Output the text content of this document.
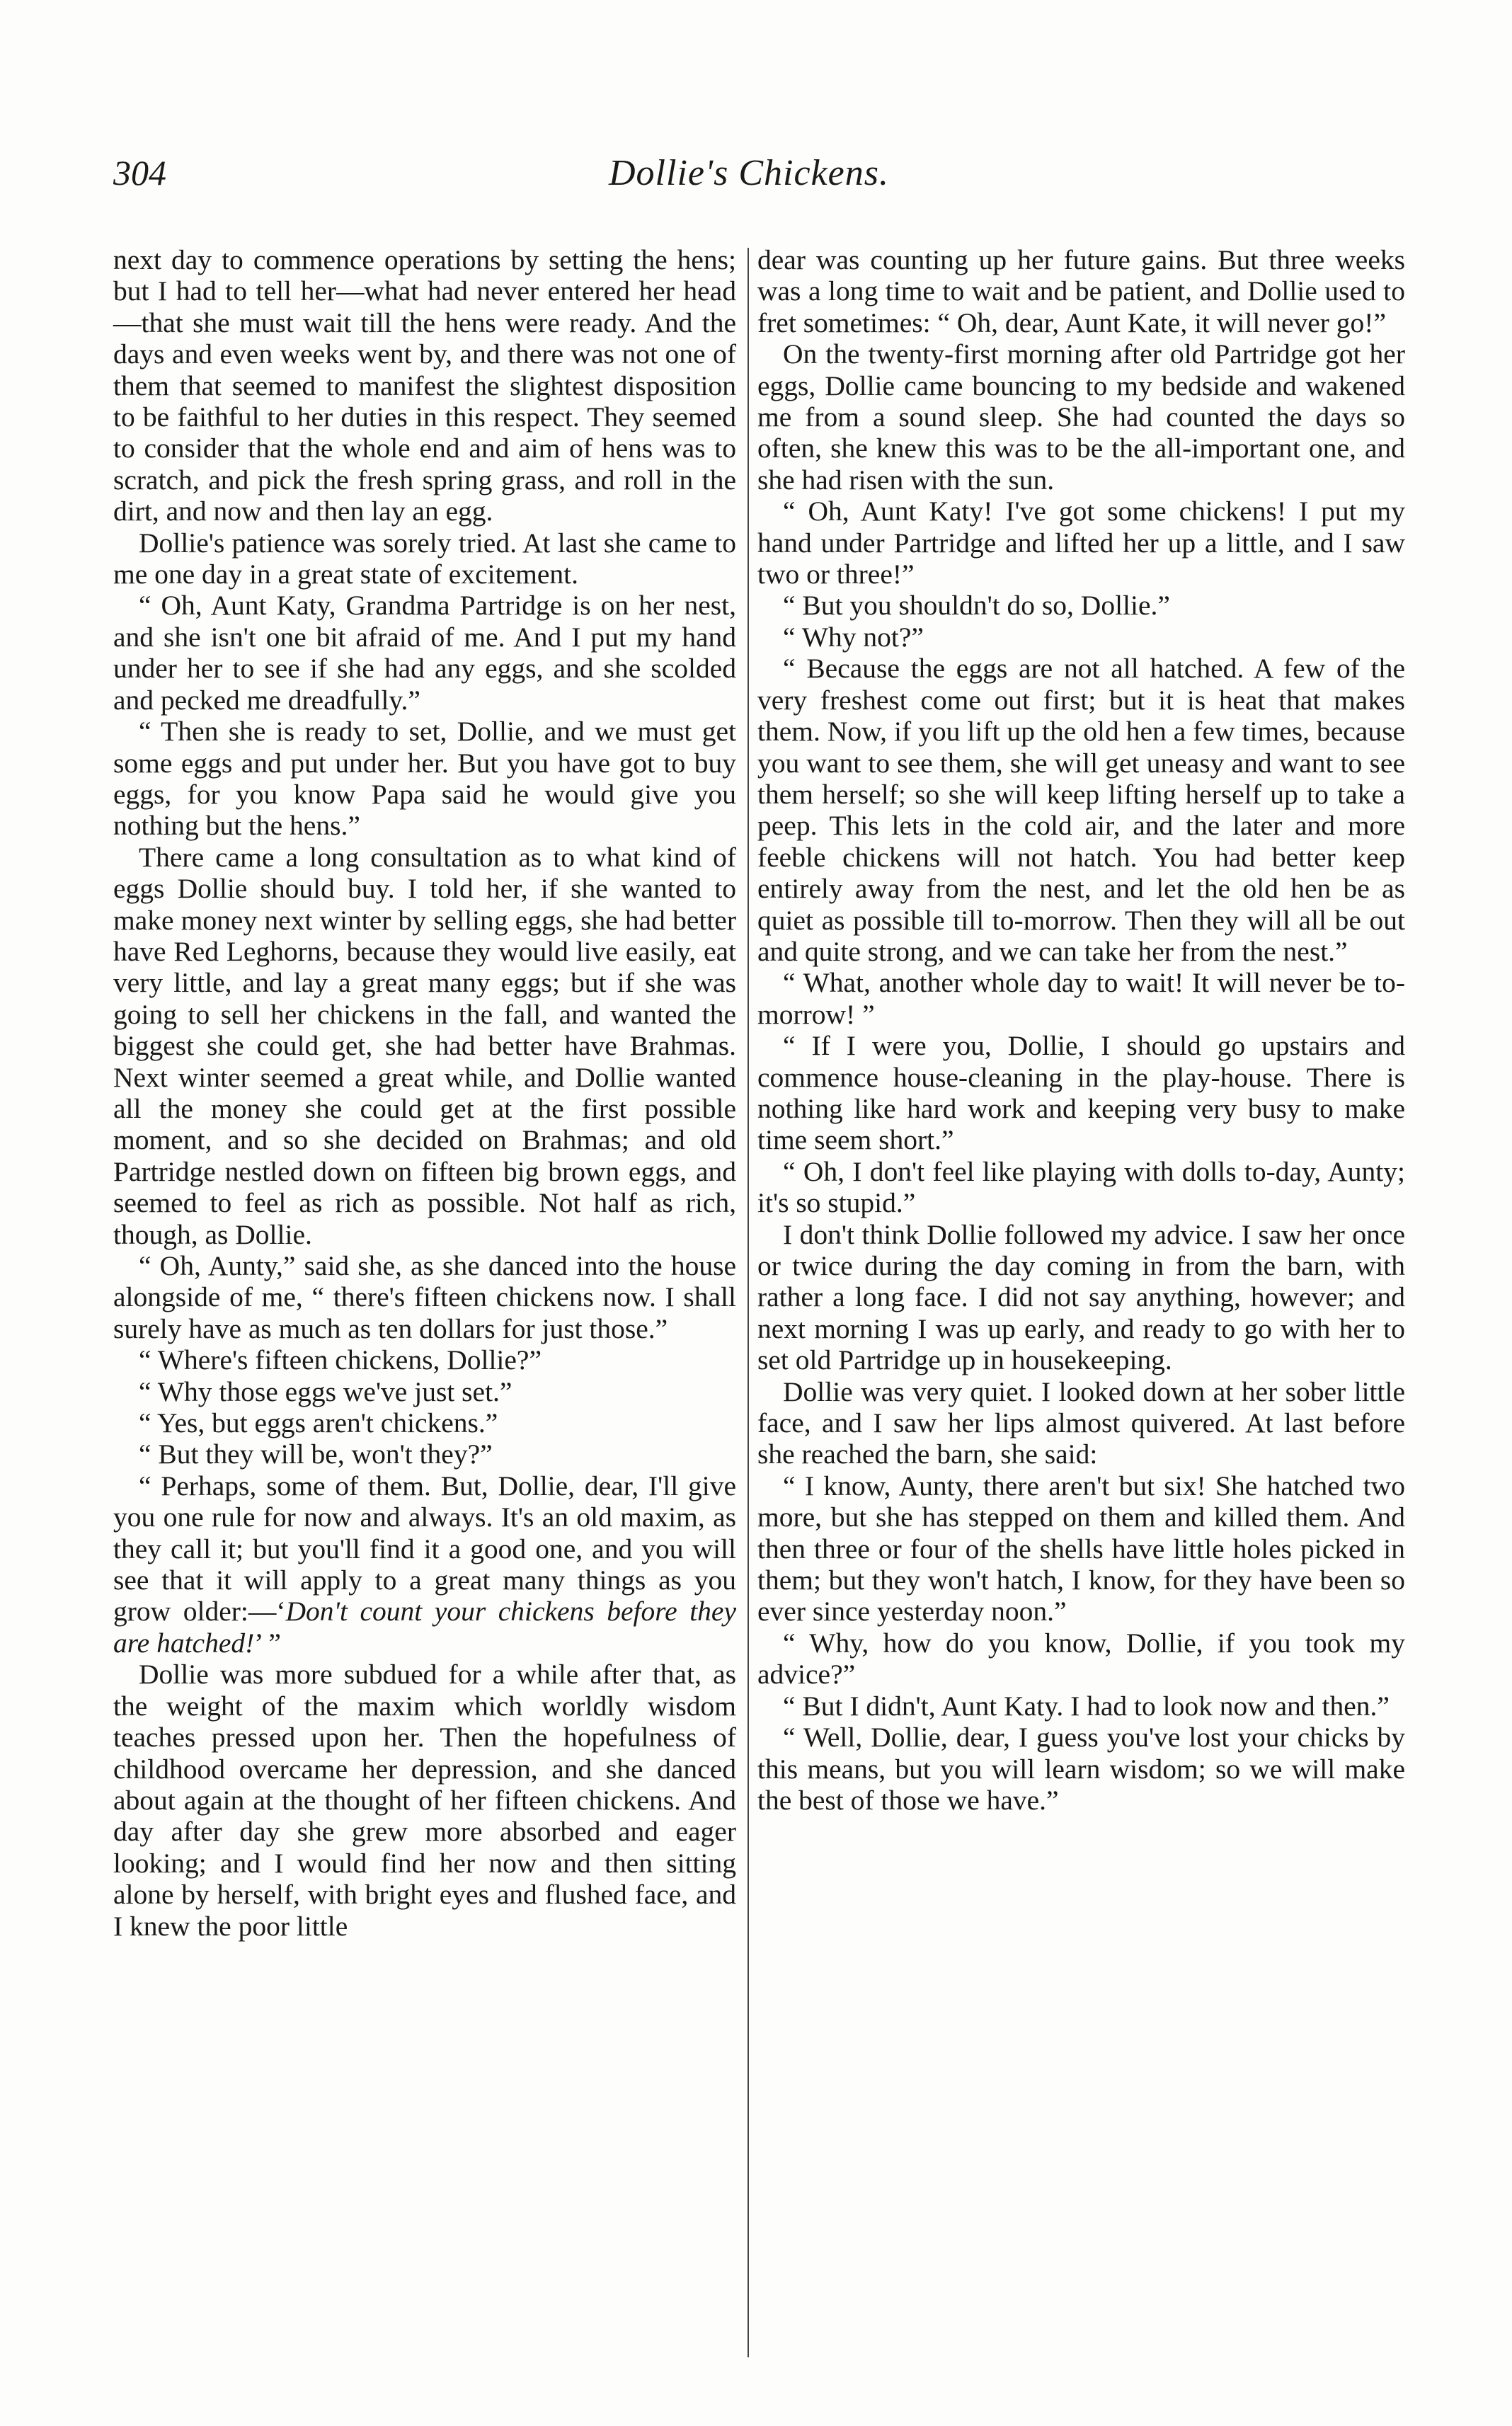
304	Dollie's Chickens.

next day to commence operations by setting the hens; but I had to tell her—what had never entered her head—that she must wait till the hens were ready. And the days and even weeks went by, and there was not one of them that seemed to manifest the slightest disposition to be faithful to her duties in this respect. They seemed to consider that the whole end and aim of hens was to scratch, and pick the fresh spring grass, and roll in the dirt, and now and then lay an egg.

Dollie's patience was sorely tried. At last she came to me one day in a great state of excitement.

“ Oh, Aunt Katy, Grandma Partridge is on her nest, and she isn't one bit afraid of me. And I put my hand under her to see if she had any eggs, and she scolded and pecked me dreadfully.”

“ Then she is ready to set, Dollie, and we must get some eggs and put under her. But you have got to buy eggs, for you know Papa said he would give you nothing but the hens.”

There came a long consultation as to what kind of eggs Dollie should buy. I told her, if she wanted to make money next winter by selling eggs, she had better have Red Leghorns, because they would live easily, eat very little, and lay a great many eggs; but if she was going to sell her chickens in the fall, and wanted the biggest she could get, she had better have Brahmas. Next winter seemed a great while, and Dollie wanted all the money she could get at the first possible moment, and so she decided on Brahmas; and old Partridge nestled down on fifteen big brown eggs, and seemed to feel as rich as possible. Not half as rich, though, as Dollie.

“ Oh, Aunty,” said she, as she danced into the house alongside of me, “ there's fifteen chickens now. I shall surely have as much as ten dollars for just those.”

“ Where's fifteen chickens, Dollie?”

“ Why those eggs we've just set.”

“ Yes, but eggs aren't chickens.”

“ But they will be, won't they?”

“ Perhaps, some of them. But, Dollie, dear, I'll give you one rule for now and always. It's an old maxim, as they call it; but you'll find it a good one, and you will see that it will apply to a great many things as you grow older:—‘Don't count your chickens before they are hatched!’ ”

Dollie was more subdued for a while after that, as the weight of the maxim which worldly wisdom teaches pressed upon her. Then the hopefulness of childhood overcame her depression, and she danced about again at the thought of her fifteen chickens. And day after day she grew more absorbed and eager looking; and I would find her now and then sitting alone by herself, with bright eyes and flushed face, and I knew the poor little

dear was counting up her future gains. But three weeks was a long time to wait and be patient, and Dollie used to fret sometimes: “ Oh, dear, Aunt Kate, it will never go!”

On the twenty-first morning after old Partridge got her eggs, Dollie came bouncing to my bedside and wakened me from a sound sleep. She had counted the days so often, she knew this was to be the all-important one, and she had risen with the sun.

“ Oh, Aunt Katy! I've got some chickens! I put my hand under Partridge and lifted her up a little, and I saw two or three!”

“ But you shouldn't do so, Dollie.”

“ Why not?”

“ Because the eggs are not all hatched. A few of the very freshest come out first; but it is heat that makes them. Now, if you lift up the old hen a few times, because you want to see them, she will get uneasy and want to see them herself; so she will keep lifting herself up to take a peep. This lets in the cold air, and the later and more feeble chickens will not hatch. You had better keep entirely away from the nest, and let the old hen be as quiet as possible till to-morrow. Then they will all be out and quite strong, and we can take her from the nest.”

“ What, another whole day to wait! It will never be to-morrow! ”

“ If I were you, Dollie, I should go upstairs and commence house-cleaning in the play-house. There is nothing like hard work and keeping very busy to make time seem short.”

“ Oh, I don't feel like playing with dolls to-day, Aunty; it's so stupid.”

I don't think Dollie followed my advice. I saw her once or twice during the day coming in from the barn, with rather a long face. I did not say anything, however; and next morning I was up early, and ready to go with her to set old Partridge up in housekeeping.

Dollie was very quiet. I looked down at her sober little face, and I saw her lips almost quivered. At last before she reached the barn, she said:

“ I know, Aunty, there aren't but six! She hatched two more, but she has stepped on them and killed them. And then three or four of the shells have little holes picked in them; but they won't hatch, I know, for they have been so ever since yesterday noon.”

“ Why, how do you know, Dollie, if you took my advice?”

“ But I didn't, Aunt Katy. I had to look now and then.”

“ Well, Dollie, dear, I guess you've lost your chicks by this means, but you will learn wisdom; so we will make the best of those we have.”
